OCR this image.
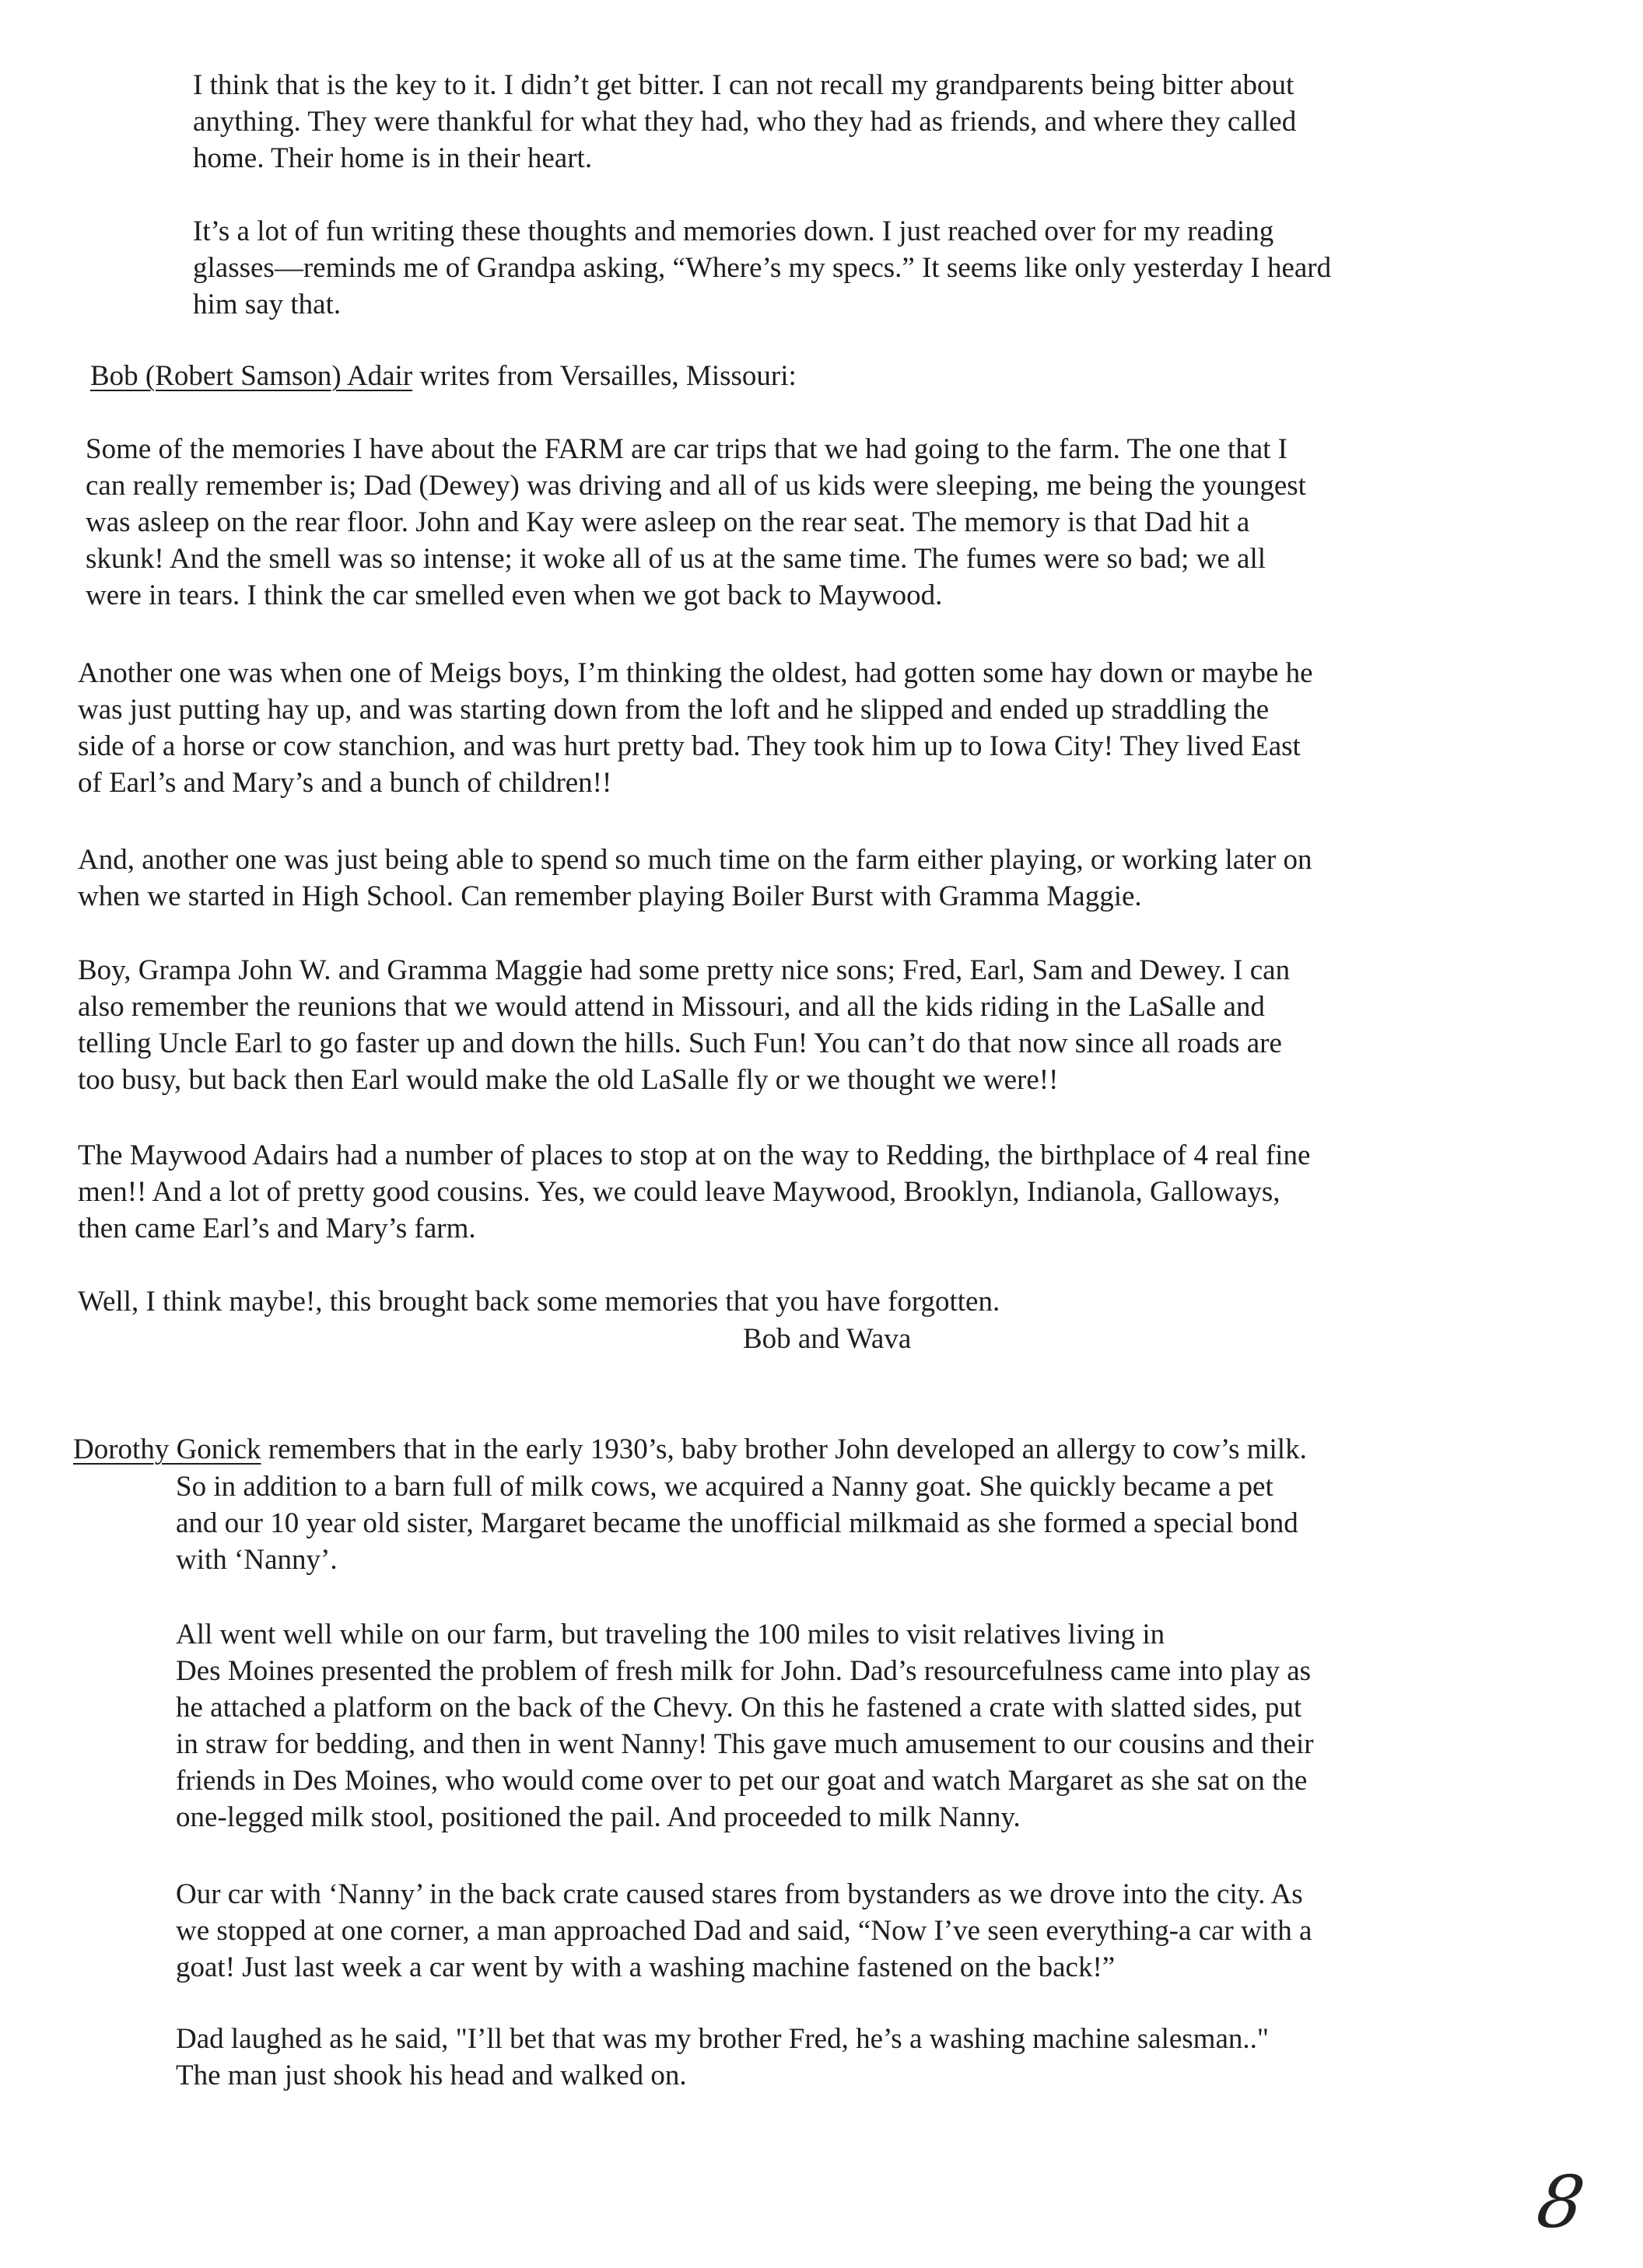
I think that is the key to it. I didn’t get bitter. I can not recall my grandparents being bitter about
anything. They were thankful for what they had, who they had as friends, and where they called
home. Their home is in their heart.

It’s a lot of fun writing these thoughts and memories down. I just reached over for my reading
glasses—reminds me of Grandpa asking, “Where’s my specs.” It seems like only yesterday I heard
him say that.

Bob (Robert Samson) Adair writes from Versailles, Missouri:

Some of the memories I have about the FARM are car trips that we had going to the farm. The one that I
can really remember is; Dad (Dewey) was driving and all of us kids were sleeping, me being the youngest
was asleep on the rear floor. John and Kay were asleep on the rear seat. The memory is that Dad hit a
skunk! And the smell was so intense; it woke all of us at the same time. The fumes were so bad; we all
were in tears. I think the car smelled even when we got back to Maywood.

Another one was when one of Meigs boys, I’m thinking the oldest, had gotten some hay down or maybe he
was just putting hay up, and was starting down from the loft and he slipped and ended up straddling the
side of a horse or cow stanchion, and was hurt pretty bad. They took him up to Iowa City! They lived East
of Earl’s and Mary’s and a bunch of children!!

And, another one was just being able to spend so much time on the farm either playing, or working later on
when we started in High School. Can remember playing Boiler Burst with Gramma Maggie.

Boy, Grampa John W. and Gramma Maggie had some pretty nice sons; Fred, Earl, Sam and Dewey. I can
also remember the reunions that we would attend in Missouri, and all the kids riding in the LaSalle and
telling Uncle Earl to go faster up and down the hills. Such Fun! You can’t do that now since all roads are
too busy, but back then Earl would make the old LaSalle fly or we thought we were!!

The Maywood Adairs had a number of places to stop at on the way to Redding, the birthplace of 4 real fine
men!! And a lot of pretty good cousins. Yes, we could leave Maywood, Brooklyn, Indianola, Galloways,
then came Earl’s and Mary’s farm.

Well, I think maybe!, this brought back some memories that you have forgotten.

Bob and Wava

Dorothy Gonick remembers that in the early 1930’s, baby brother John developed an allergy to cow’s milk.

So in addition to a barn full of milk cows, we acquired a Nanny goat. She quickly became a pet
and our 10 year old sister, Margaret became the unofficial milkmaid as she formed a special bond
with ‘Nanny’.

All went well while on our farm, but traveling the 100 miles to visit relatives living in
Des Moines presented the problem of fresh milk for John. Dad’s resourcefulness came into play as
he attached a platform on the back of the Chevy. On this he fastened a crate with slatted sides, put
in straw for bedding, and then in went Nanny! This gave much amusement to our cousins and their
friends in Des Moines, who would come over to pet our goat and watch Margaret as she sat on the
one-legged milk stool, positioned the pail. And proceeded to milk Nanny.

Our car with ‘Nanny’ in the back crate caused stares from bystanders as we drove into the city. As
we stopped at one corner, a man approached Dad and said, “Now I’ve seen everything-a car with a
goat! Just last week a car went by with a washing machine fastened on the back!”

Dad laughed as he said, "I’ll bet that was my brother Fred, he’s a washing machine salesman.."
The man just shook his head and walked on.

8
